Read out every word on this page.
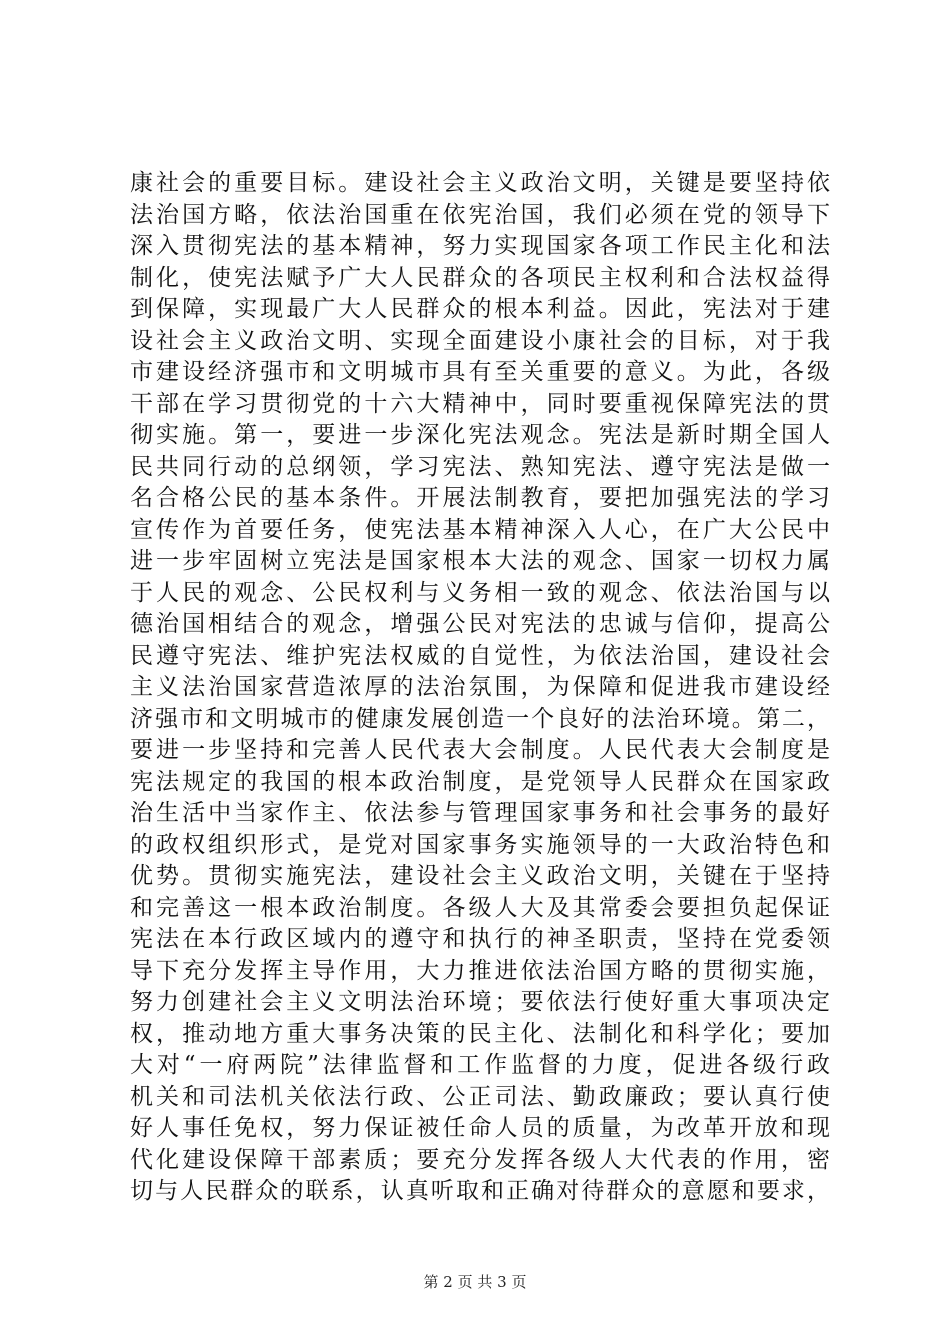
康社会的重要目标。建设社会主义政治文明，关键是要坚持依
法治国方略，依法治国重在依宪治国，我们必须在党的领导下
深入贯彻宪法的基本精神，努力实现国家各项工作民主化和法
制化，使宪法赋予广大人民群众的各项民主权利和合法权益得
到保障，实现最广大人民群众的根本利益。因此，宪法对于建
设社会主义政治文明、实现全面建设小康社会的目标，对于我
市建设经济强市和文明城市具有至关重要的意义。为此，各级
干部在学习贯彻党的十六大精神中，同时要重视保障宪法的贯
彻实施。第一，要进一步深化宪法观念。宪法是新时期全国人
民共同行动的总纲领，学习宪法、熟知宪法、遵守宪法是做一
名合格公民的基本条件。开展法制教育，要把加强宪法的学习
宣传作为首要任务，使宪法基本精神深入人心，在广大公民中
进一步牢固树立宪法是国家根本大法的观念、国家一切权力属
于人民的观念、公民权利与义务相一致的观念、依法治国与以
德治国相结合的观念，增强公民对宪法的忠诚与信仰，提高公
民遵守宪法、维护宪法权威的自觉性，为依法治国，建设社会
主义法治国家营造浓厚的法治氛围，为保障和促进我市建设经
济强市和文明城市的健康发展创造一个良好的法治环境。第二，
要进一步坚持和完善人民代表大会制度。人民代表大会制度是
宪法规定的我国的根本政治制度，是党领导人民群众在国家政
治生活中当家作主、依法参与管理国家事务和社会事务的最好
的政权组织形式，是党对国家事务实施领导的一大政治特色和
优势。贯彻实施宪法，建设社会主义政治文明，关键在于坚持
和完善这一根本政治制度。各级人大及其常委会要担负起保证
宪法在本行政区域内的遵守和执行的神圣职责，坚持在党委领
导下充分发挥主导作用，大力推进依法治国方略的贯彻实施，
努力创建社会主义文明法治环境；要依法行使好重大事项决定
权，推动地方重大事务决策的民主化、法制化和科学化；要加
大对“一府两院”法律监督和工作监督的力度，促进各级行政
机关和司法机关依法行政、公正司法、勤政廉政；要认真行使
好人事任免权，努力保证被任命人员的质量，为改革开放和现
代化建设保障干部素质；要充分发挥各级人大代表的作用，密
切与人民群众的联系，认真听取和正确对待群众的意愿和要求，
第 2 页 共 3 页
